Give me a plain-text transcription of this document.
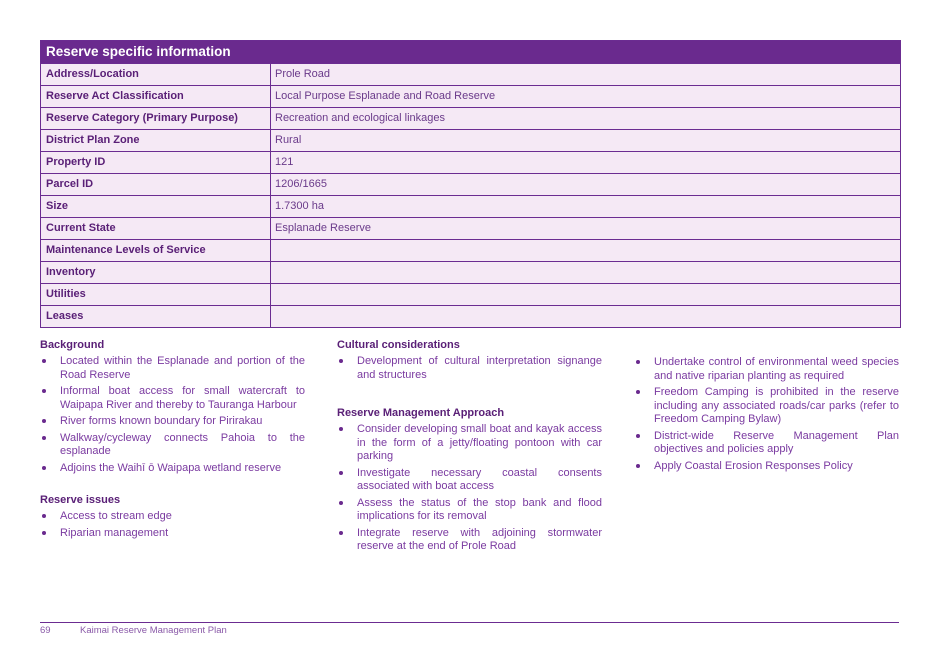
Reserve specific information
Address/Location	Prole Road
Reserve Act Classification	Local Purpose Esplanade and Road Reserve
Reserve Category (Primary Purpose)	Recreation and ecological linkages
District Plan Zone	Rural
Property ID	121
Parcel ID	1206/1665
Size	1.7300 ha
Current State	Esplanade Reserve
Maintenance Levels of Service
Inventory
Utilities
Leases
Background
Located within the Esplanade and portion of the Road Reserve
Informal boat access for small watercraft to Waipapa River and thereby to Tauranga Harbour
River forms known boundary for Pirirakau
Walkway/cycleway connects Pahoia to the esplanade
Adjoins the Waihī ō Waipapa wetland reserve
Reserve issues
Access to stream edge
Riparian management
Cultural considerations
Development of cultural interpretation signange and structures
Reserve Management Approach
Consider developing small boat and kayak access in the form of a jetty/floating pontoon with car parking
Investigate necessary coastal consents associated with boat access
Assess the status of the stop bank and flood implications for its removal
Integrate reserve with adjoining stormwater reserve at the end of Prole Road
Undertake control of environmental weed species and native riparian planting as required
Freedom Camping is prohibited in the reserve including any associated roads/car parks (refer to Freedom Camping Bylaw)
District-wide Reserve Management Plan objectives and policies apply
Apply Coastal Erosion Responses Policy
69	Kaimai Reserve Management Plan
